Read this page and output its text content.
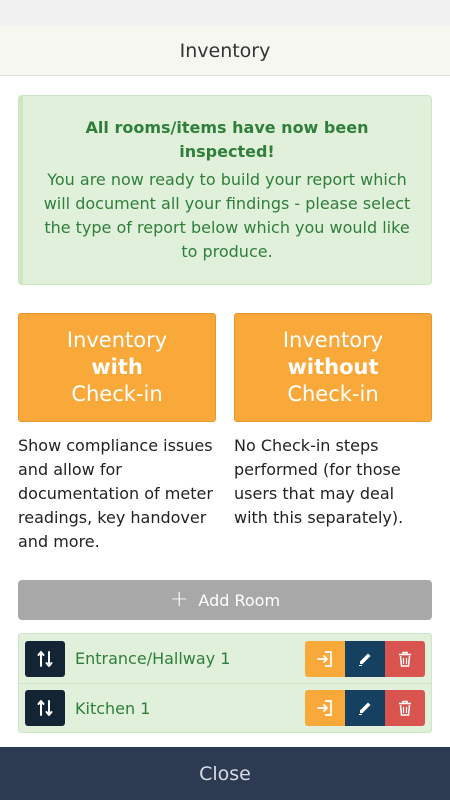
Inventory
All rooms/items have now been inspected!
You are now ready to build your report which will document all your findings - please select the type of report below which you would like to produce.
Inventory
with
Check-in
Show compliance issues and allow for documentation of meter readings, key handover and more.
Inventory
without
Check-in
No Check-in steps performed (for those users that may deal with this separately).
+ Add Room
Entrance/Hallway 1
Kitchen 1
Close
